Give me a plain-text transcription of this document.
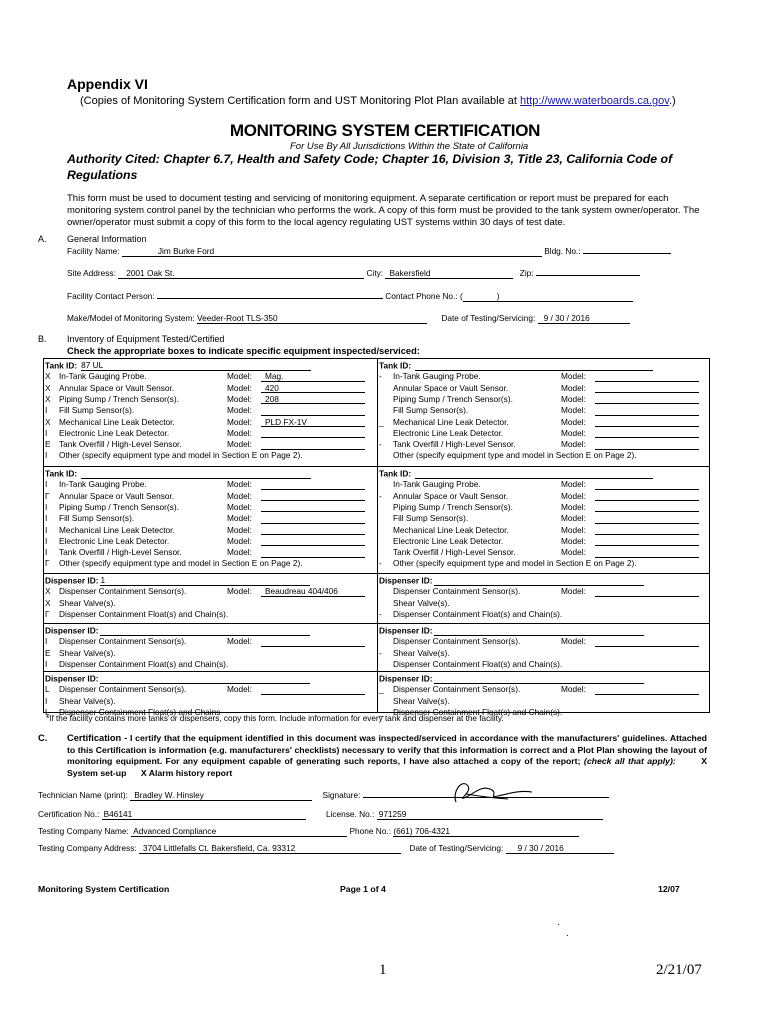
Appendix VI
(Copies of Monitoring System Certification form and UST Monitoring Plot Plan available at http://www.waterboards.ca.gov.)
MONITORING SYSTEM CERTIFICATION
For Use By All Jurisdictions Within the State of California
Authority Cited: Chapter 6.7, Health and Safety Code; Chapter 16, Division 3, Title 23, California Code of Regulations
This form must be used to document testing and servicing of monitoring equipment. A separate certification or report must be prepared for each monitoring system control panel by the technician who performs the work. A copy of this form must be provided to the tank system owner/operator. The owner/operator must submit a copy of this form to the local agency regulating UST systems within 30 days of test date.
A. General Information
Facility Name:	Jim Burke Ford	Bldg. No.:
Site Address: 2001 Oak St.	City: Bakersfield	Zip:
Facility Contact Person:	Contact Phone No.: (	)
Make/Model of Monitoring System: Veeder-Root TLS-350	Date of Testing/Servicing: 9 / 30 / 2016
B. Inventory of Equipment Tested/Certified
Check the appropriate boxes to indicate specific equipment inspected/serviced:
Tank ID: 87 UL
X	In-Tank Gauging Probe.	Model:	Mag.
X	Annular Space or Vault Sensor.	Model:	420
X	Piping Sump / Trench Sensor(s).	Model:	208
I	Fill Sump Sensor(s).	Model:
X	Mechanical Line Leak Detector.	Model:	PLD FX-1V
I	Electronic Line Leak Detector.	Model:
E	Tank Overfill / High-Level Sensor.	Model:
I	Other (specify equipment type and model in Section E on Page 2).
Tank ID:
-	In-Tank Gauging Probe.	Model:
Annular Space or Vault Sensor.	Model:
Piping Sump / Trench Sensor(s).	Model:
Fill Sump Sensor(s).	Model:
_	Mechanical Line Leak Detector.	Model:
Electronic Line Leak Detector.	Model:
-	Tank Overfill / High-Level Sensor.	Model:
Other (specify equipment type and model in Section E on Page 2).
Tank ID:
I	In-Tank Gauging Probe.	Model:
Γ	Annular Space or Vault Sensor.	Model:
I	Piping Sump / Trench Sensor(s).	Model:
I	Fill Sump Sensor(s).	Model:
I	Mechanical Line Leak Detector.	Model:
I	Electronic Line Leak Detector.	Model:
I	Tank Overfill / High-Level Sensor.	Model:
Γ	Other (specify equipment type and model in Section E on Page 2).
Tank ID:
In-Tank Gauging Probe.	Model:
-	Annular Space or Vault Sensor.	Model:
Piping Sump / Trench Sensor(s).	Model:
Fill Sump Sensor(s).	Model:
Mechanical Line Leak Detector.	Model:
Electronic Line Leak Detector.	Model:
Tank Overfill / High-Level Sensor.	Model:
-	Other (specify equipment type and model in Section E on Page 2).
Dispenser ID: 1
X	Dispenser Containment Sensor(s).	Model:	Beaudreau 404/406
X	Shear Valve(s).
Γ	Dispenser Containment Float(s) and Chain(s).
Dispenser ID:
Dispenser Containment Sensor(s).	Model:
Shear Valve(s).
-	Dispenser Containment Float(s) and Chain(s).
Dispenser ID:
I	Dispenser Containment Sensor(s).	Model:
E	Shear Valve(s).
I	Dispenser Containment Float(s) and Chain(s).
Dispenser ID:
Dispenser Containment Sensor(s).	Model:
-	Shear Valve(s).
Dispenser Containment Float(s) and Chain(s).
Dispenser ID:
L	Dispenser Containment Sensor(s).	Model:
I	Shear Valve(s).
L	Dispenser Containment Float(s) and Chains
Dispenser ID:
_	Dispenser Containment Sensor(s).	Model:
Shear Valve(s).
_	Dispenser Containment Float(s) and Chain(s).
*If the facility contains more tanks or dispensers, copy this form. Include information for every tank and dispenser at the facility.
C. Certification - I certify that the equipment identified in this document was inspected/serviced in accordance with the manufacturers' guidelines. Attached to this Certification is information (e.g. manufacturers' checklists) necessary to verify that this information is correct and a Plot Plan showing the layout of monitoring equipment. For any equipment capable of generating such reports, I have also attached a copy of the report; (check all that apply):	X System set-up X Alarm history report
Technician Name (print): Bradley W. Hinsley	Signature:
Certification No.: B46141	License. No.: 971259
Testing Company Name: Advanced Compliance	Phone No.: (661) 706-4321
Testing Company Address: 3704 Littlefalls Ct. Bakersfield, Ca. 93312	Date of Testing/Servicing: 9 / 30 / 2016
Monitoring System Certification	Page 1 of 4	12/07
.
.
1	2/21/07
